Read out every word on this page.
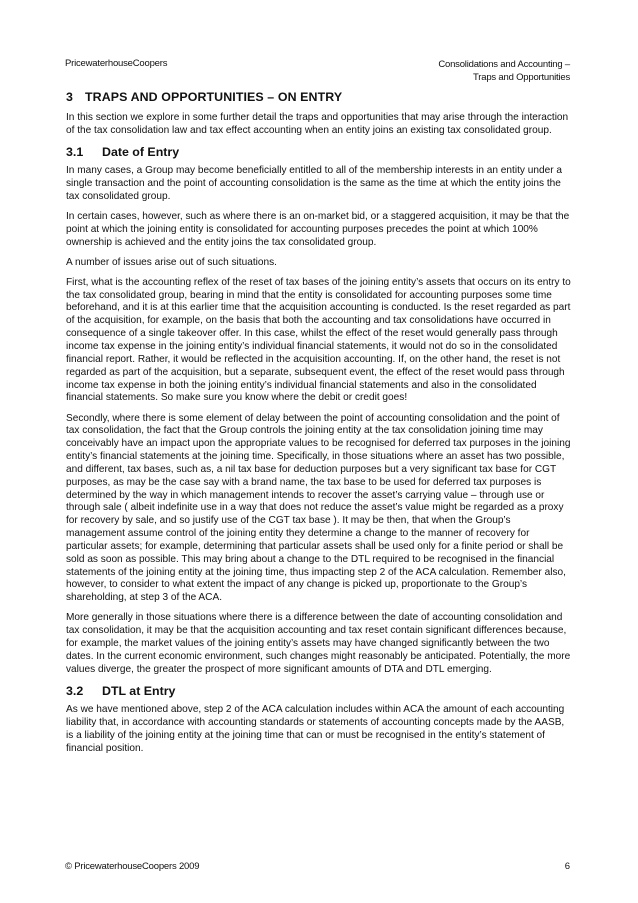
PricewaterhouseCoopers	Consolidations and Accounting –
Traps and Opportunities
3 TRAPS AND OPPORTUNITIES – ON ENTRY

In this section we explore in some further detail the traps and opportunities that may arise through the interaction of the tax consolidation law and tax effect accounting when an entity joins an existing tax consolidated group.

3.1 Date of Entry

In many cases, a Group may become beneficially entitled to all of the membership interests in an entity under a single transaction and the point of accounting consolidation is the same as the time at which the entity joins the tax consolidated group.

In certain cases, however, such as where there is an on-market bid, or a staggered acquisition, it may be that the point at which the joining entity is consolidated for accounting purposes precedes the point at which 100% ownership is achieved and the entity joins the tax consolidated group.

A number of issues arise out of such situations.

First, what is the accounting reflex of the reset of tax bases of the joining entity’s assets that occurs on its entry to the tax consolidated group, bearing in mind that the entity is consolidated for accounting purposes some time beforehand, and it is at this earlier time that the acquisition accounting is conducted. Is the reset regarded as part of the acquisition, for example, on the basis that both the accounting and tax consolidations have occurred in consequence of a single takeover offer. In this case, whilst the effect of the reset would generally pass through income tax expense in the joining entity’s individual financial statements, it would not do so in the consolidated financial report. Rather, it would be reflected in the acquisition accounting. If, on the other hand, the reset is not regarded as part of the acquisition, but a separate, subsequent event, the effect of the reset would pass through income tax expense in both the joining entity’s individual financial statements and also in the consolidated financial statements. So make sure you know where the debit or credit goes!

Secondly, where there is some element of delay between the point of accounting consolidation and the point of tax consolidation, the fact that the Group controls the joining entity at the tax consolidation joining time may conceivably have an impact upon the appropriate values to be recognised for deferred tax purposes in the joining entity’s financial statements at the joining time. Specifically, in those situations where an asset has two possible, and different, tax bases, such as, a nil tax base for deduction purposes but a very significant tax base for CGT purposes, as may be the case say with a brand name, the tax base to be used for deferred tax purposes is determined by the way in which management intends to recover the asset’s carrying value – through use or through sale ( albeit indefinite use in a way that does not reduce the asset’s value might be regarded as a proxy for recovery by sale, and so justify use of the CGT tax base ). It may be then, that when the Group’s management assume control of the joining entity they determine a change to the manner of recovery for particular assets; for example, determining that particular assets shall be used only for a finite period or shall be sold as soon as possible. This may bring about a change to the DTL required to be recognised in the financial statements of the joining entity at the joining time, thus impacting step 2 of the ACA calculation. Remember also, however, to consider to what extent the impact of any change is picked up, proportionate to the Group’s shareholding, at step 3 of the ACA.

More generally in those situations where there is a difference between the date of accounting consolidation and tax consolidation, it may be that the acquisition accounting and tax reset contain significant differences because, for example, the market values of the joining entity’s assets may have changed significantly between the two dates. In the current economic environment, such changes might reasonably be anticipated. Potentially, the more values diverge, the greater the prospect of more significant amounts of DTA and DTL emerging.

3.2 DTL at Entry

As we have mentioned above, step 2 of the ACA calculation includes within ACA the amount of each accounting liability that, in accordance with accounting standards or statements of accounting concepts made by the AASB, is a liability of the joining entity at the joining time that can or must be recognised in the entity’s statement of financial position.

© PricewaterhouseCoopers 2009	6
